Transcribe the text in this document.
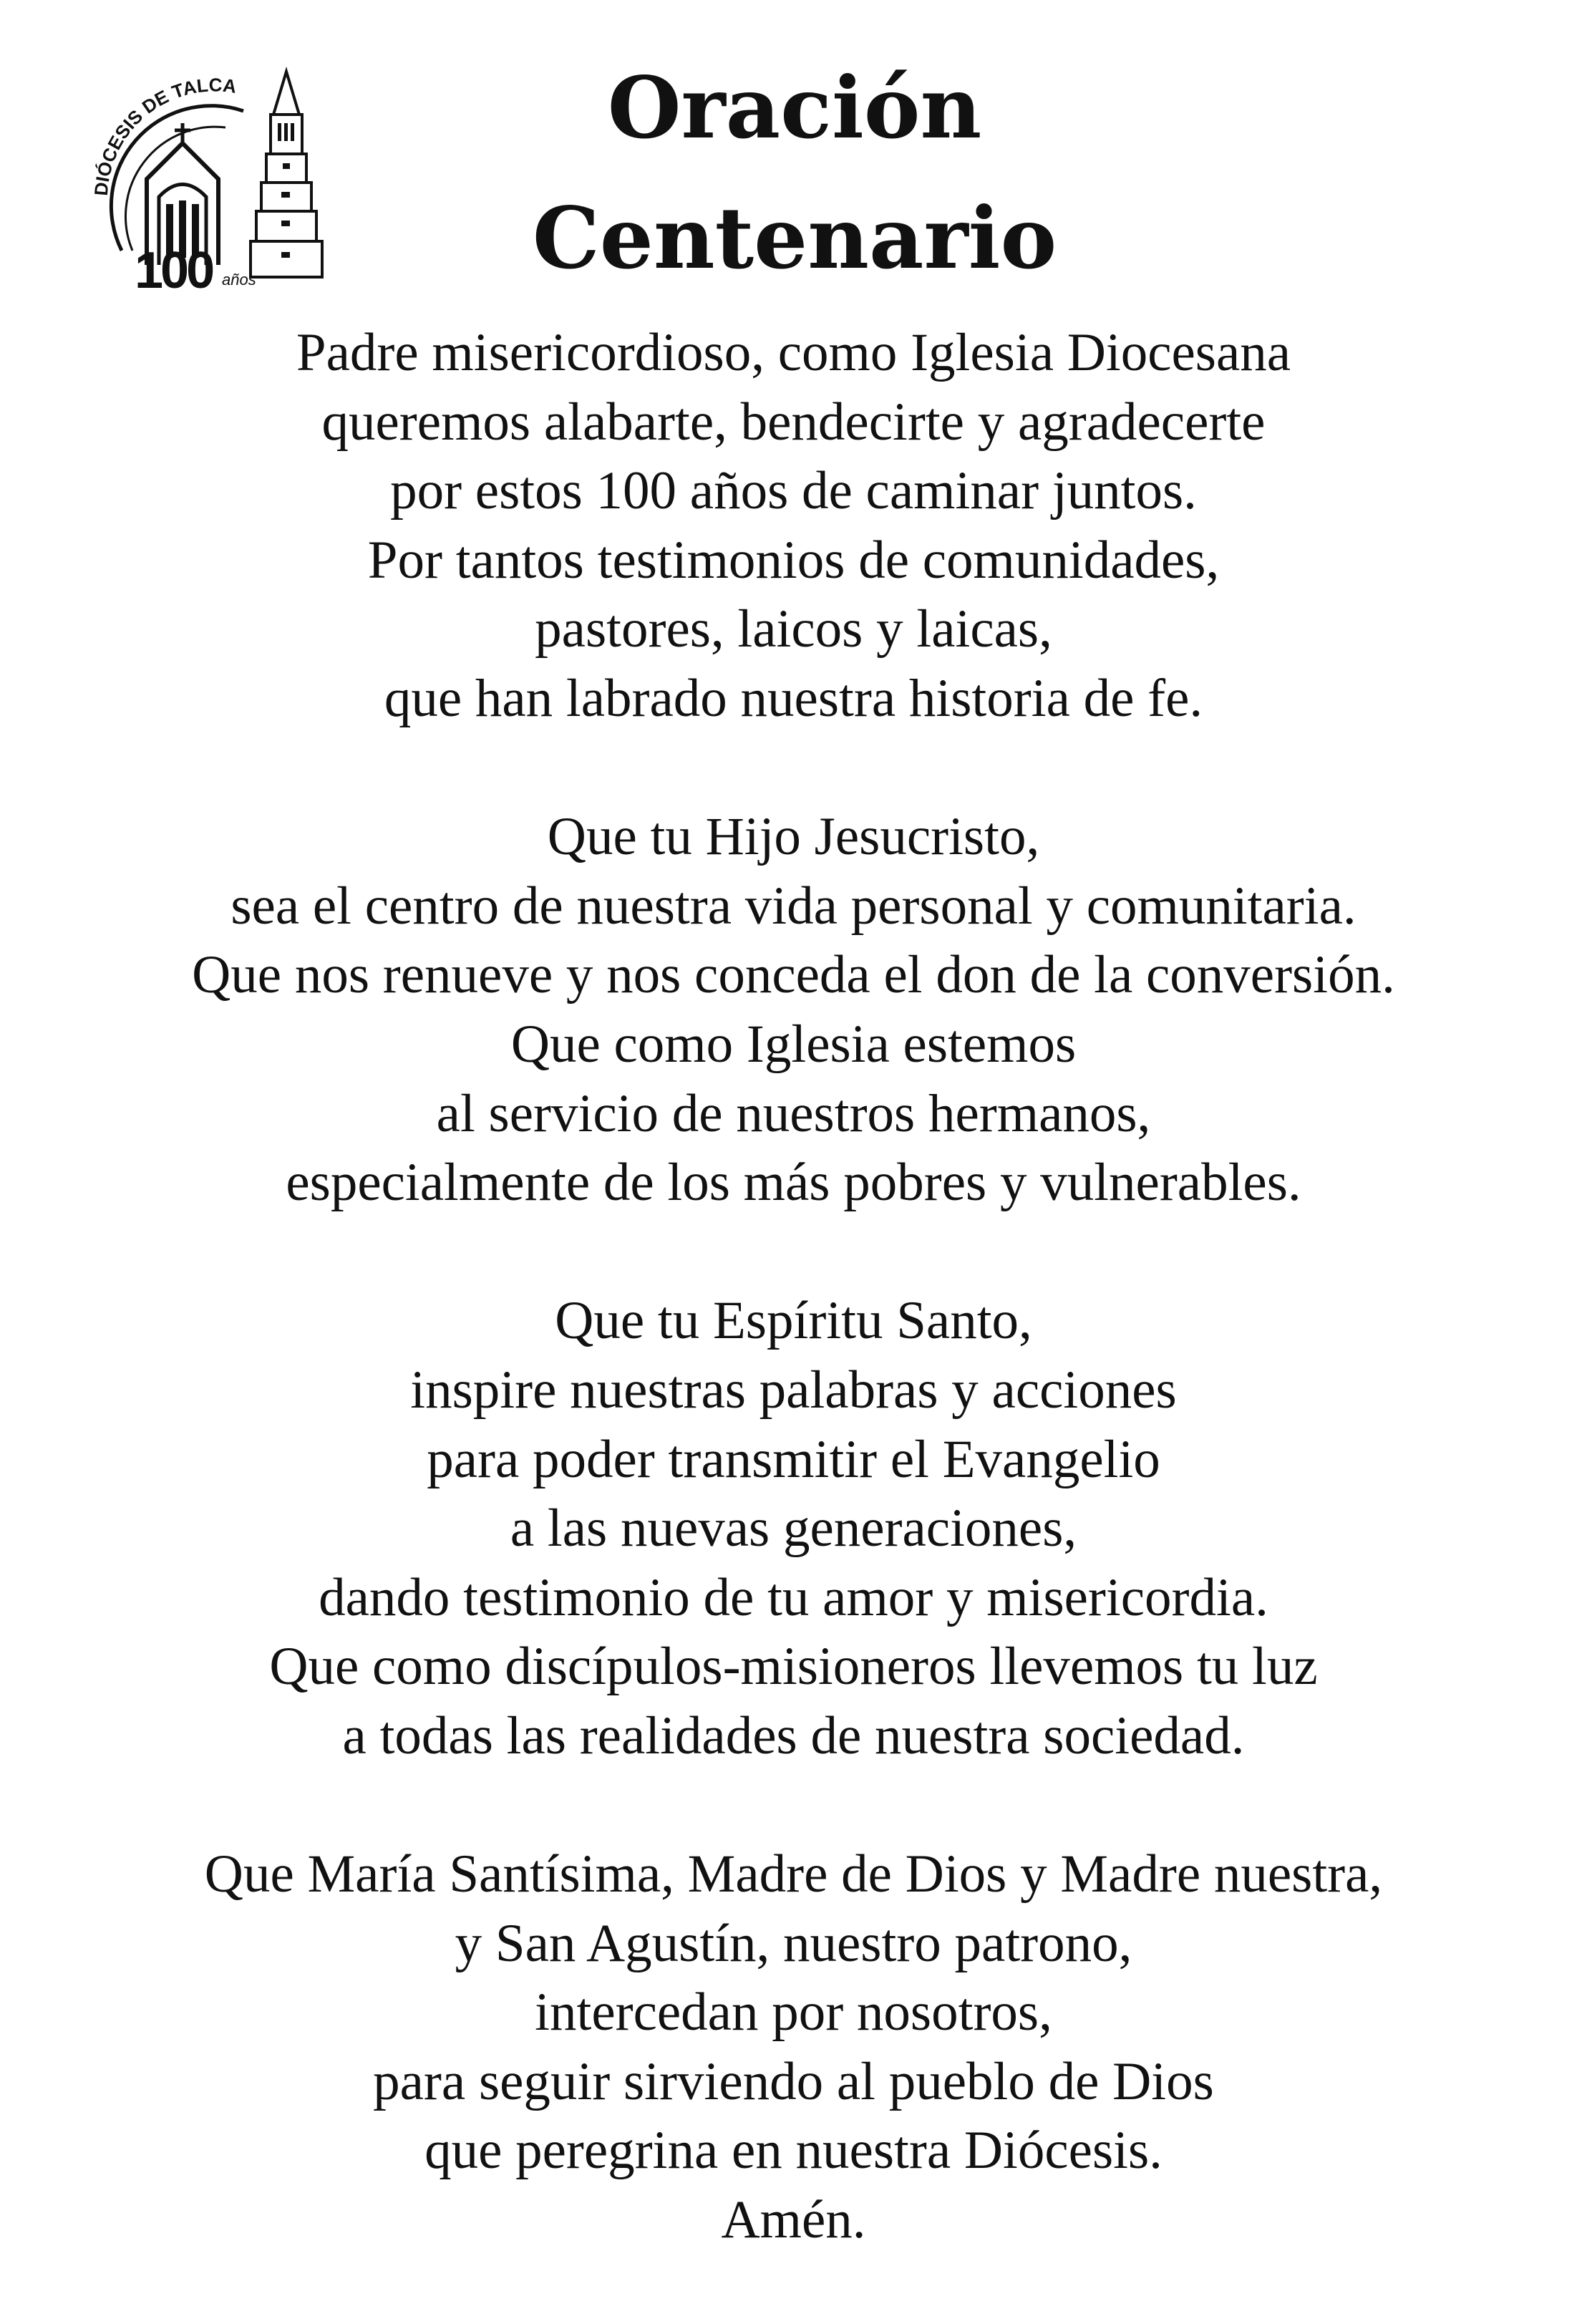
DIÓCESIS DE TALCA
100 años
Oración
Centenario

Padre misericordioso, como Iglesia Diocesana
queremos alabarte, bendecirte y agradecerte
por estos 100 años de caminar juntos.
Por tantos testimonios de comunidades,
pastores, laicos y laicas,
que han labrado nuestra historia de fe.

Que tu Hijo Jesucristo,
sea el centro de nuestra vida personal y comunitaria.
Que nos renueve y nos conceda el don de la conversión.
Que como Iglesia estemos
al servicio de nuestros hermanos,
especialmente de los más pobres y vulnerables.

Que tu Espíritu Santo,
inspire nuestras palabras y acciones
para poder transmitir el Evangelio
a las nuevas generaciones,
dando testimonio de tu amor y misericordia.
Que como discípulos-misioneros llevemos tu luz
a todas las realidades de nuestra sociedad.

Que María Santísima, Madre de Dios y Madre nuestra,
y San Agustín, nuestro patrono,
intercedan por nosotros,
para seguir sirviendo al pueblo de Dios
que peregrina en nuestra Diócesis.
Amén.
